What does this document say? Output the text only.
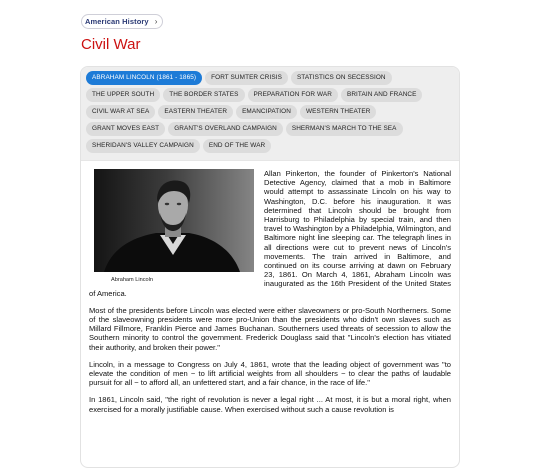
American History ›
Civil War
ABRAHAM LINCOLN (1861 - 1865)	FORT SUMTER CRISIS	STATISTICS ON SECESSION
THE UPPER SOUTH	THE BORDER STATES	PREPARATION FOR WAR	BRITAIN AND FRANCE
CIVIL WAR AT SEA	EASTERN THEATER	EMANCIPATION	WESTERN THEATER
GRANT MOVES EAST	GRANT'S OVERLAND CAMPAIGN	SHERMAN'S MARCH TO THE SEA
SHERIDAN'S VALLEY CAMPAIGN	END OF THE WAR
Abraham Lincoln

Allan Pinkerton, the founder of Pinkerton's National Detective Agency, claimed that a mob in Baltimore would attempt to assassinate Lincoln on his way to Washington, D.C. before his inauguration. It was determined that Lincoln should be brought from Harrisburg to Philadelphia by special train, and then travel to Washington by a Philadelphia, Wilmington, and Baltimore night line sleeping car. The telegraph lines in all directions were cut to prevent news of Lincoln's movements. The train arrived in Baltimore, and continued on its course arriving at dawn on February 23, 1861. On March 4, 1861, Abraham Lincoln was inaugurated as the 16th President of the United States of America.

Most of the presidents before Lincoln was elected were either slaveowners or pro-South Northerners. Some of the slaveowning presidents were more pro-Union than the presidents who didn't own slaves such as Millard Fillmore, Franklin Pierce and James Buchanan. Southerners used threats of secession to allow the Southern minority to control the government. Frederick Douglass said that "Lincoln's election has vitiated their authority, and broken their power."

Lincoln, in a message to Congress on July 4, 1861, wrote that the leading object of government was "to elevate the condition of men − to lift artificial weights from all shoulders − to clear the paths of laudable pursuit for all − to afford all, an unfettered start, and a fair chance, in the race of life."

In 1861, Lincoln said, "the right of revolution is never a legal right ... At most, it is but a moral right, when exercised for a morally justifiable cause. When exercised without such a cause revolution is
